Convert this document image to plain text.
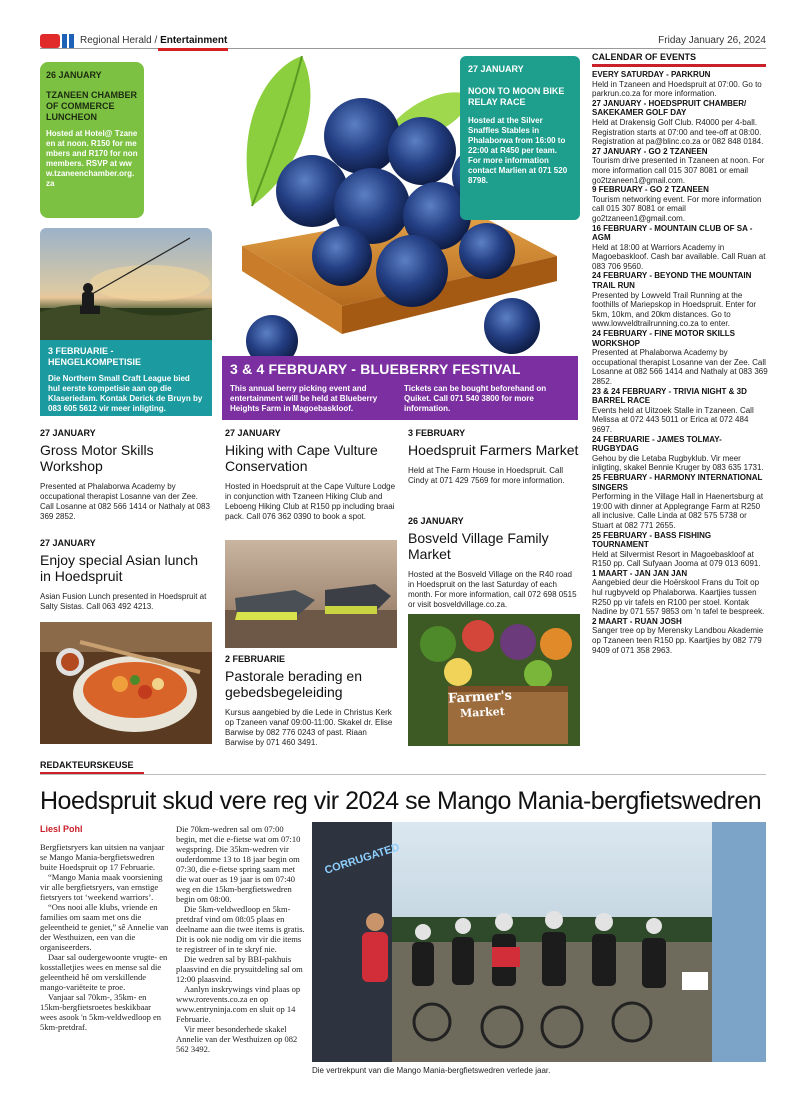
Regional Herald / Entertainment	Friday January 26, 2024
26 JANUARY
TZANEEN CHAMBER OF COMMERCE LUNCHEON
Hosted at Hotel@ Tzaneen at noon. R150 for members and R170 for nonmembers. RSVP at www.tzaneenchamber.org.za
27 JANUARY
NOON TO MOON BIKE RELAY RACE
Hosted at the Silver Snaffles Stables in Phalaborwa from 16:00 to 22:00 at R450 per team. For more information contact Marlien at 071 520 8798.
3 FEBRUARIE - HENGELKOMPETISIE
Die Northern Small Craft League bied hul eerste kompetisie aan op die Klaseriedam. Kontak Derick de Bruyn by 083 605 5612 vir meer inligting.
3 & 4 FEBRUARY - BLUEBERRY FESTIVAL
This annual berry picking event and entertainment will be held at Blueberry Heights Farm in Magoebaskloof.
Tickets can be bought beforehand on Quiket. Call 071 540 3800 for more information.
27 JANUARY
Gross Motor Skills Workshop
Presented at Phalaborwa Academy by occupational therapist Losanne van der Zee. Call Losanne at 082 566 1414 or Nathaly at 083 369 2852.
27 JANUARY
Enjoy special Asian lunch in Hoedspruit
Asian Fusion Lunch presented in Hoedspruit at Salty Sistas. Call 063 492 4213.
27 JANUARY
Hiking with Cape Vulture Conservation
Hosted in Hoedspruit at the Cape Vulture Lodge in conjunction with Tzaneen Hiking Club and Leboeng Hiking Club at R150 pp including braai pack. Call 076 362 0390 to book a spot.
2 FEBRUARIE
Pastorale berading en gebedsbegeleiding
Kursus aangebied by die Lede in Christus Kerk op Tzaneen vanaf 09:00-11:00. Skakel dr. Elise Barwise by 082 776 0243 of past. Riaan Barwise by 071 460 3491.
3 FEBRUARY
Hoedspruit Farmers Market
Held at The Farm House in Hoedspruit. Call Cindy at 071 429 7569 for more information.
26 JANUARY
Bosveld Village Family Market
Hosted at the Bosveld Village on the R40 road in Hoedspruit on the last Saturday of each month. For more information, call 072 698 0515 or visit bosveldvillage.co.za.
Farmer's
Market
CALENDAR OF EVENTS
EVERY SATURDAY - PARKRUN
Held in Tzaneen and Hoedspruit at 07:00. Go to parkrun.co.za for more information.
27 JANUARY - HOEDSPRUIT CHAMBER/ SAKEKAMER GOLF DAY
Held at Drakensig Golf Club. R4000 per 4-ball. Registration starts at 07:00 and tee-off at 08:00. Registration at pa@blinc.co.za or 082 848 0184.
27 JANUARY - GO 2 TZANEEN
Tourism drive presented in Tzaneen at noon. For more information call 015 307 8081 or email go2tzaneen1@gmail.com.
9 FEBRUARY - GO 2 TZANEEN
Tourism networking event. For more information call 015 307 8081 or email go2tzaneen1@gmail.com.
16 FEBRUARY - MOUNTAIN CLUB OF SA - AGM
Held at 18:00 at Warriors Academy in Magoebaskloof. Cash bar available. Call Ruan at 083 706 9560.
24 FEBRUARY - BEYOND THE MOUNTAIN TRAIL RUN
Presented by Lowveld Trail Running at the foothills of Mariepskop in Hoedspruit. Enter for 5km, 10km, and 20km distances. Go to www.lowveldtrailrunning.co.za to enter.
24 FEBRUARY - FINE MOTOR SKILLS WORKSHOP
Presented at Phalaborwa Academy by occupational therapist Losanne van der Zee. Call Losanne at 082 566 1414 and Nathaly at 083 369 2852.
23 & 24 FEBRUARY - TRIVIA NIGHT & 3D BARREL RACE
Events held at Uitzoek Stalle in Tzaneen. Call Melissa at 072 443 5011 or Erica at 072 484 9697.
24 FEBRUARIE - JAMES TOLMAY-RUGBYDAG
Gehou by die Letaba Rugbyklub. Vir meer inligting, skakel Bennie Kruger by 083 635 1731.
25 FEBRUARY - HARMONY INTERNATIONAL SINGERS
Performing in the Village Hall in Haenertsburg at 19:00 with dinner at Applegrange Farm at R250 all inclusive. Calle Linda at 082 575 5738 or Stuart at 082 771 2655.
25 FEBRUARY - BASS FISHING TOURNAMENT
Held at Silvermist Resort in Magoebaskloof at R150 pp. Call Sufyaan Jooma at 079 013 6091.
1 MAART - JAN JAN JAN
Aangebied deur die Hoërskool Frans du Toit op hul rugbyveld op Phalaborwa. Kaartjies tussen R250 pp vir tafels en R100 per stoel. Kontak Nadine by 071 557 9853 om 'n tafel te bespreek.
2 MAART - RUAN JOSH
Sanger tree op by Merensky Landbou Akademie op Tzaneen teen R150 pp. Kaartjies by 082 779 9409 of 071 358 2963.
REDAKTEURSKEUSE
Hoedspruit skud vere reg vir 2024 se Mango Mania-bergfietswedren
Liesl Pohl

Bergfietsryers kan uitsien na vanjaar se Mango Mania-bergfietswedren buite Hoedspruit op 17 Februarie.

“Mango Mania maak voorsiening vir alle bergfietsryers, van ernstige fietsryers tot ‘weekend warriors’.

“Ons nooi alle klubs, vriende en families om saam met ons die geleentheid te geniet,” sê Annelie van der Westhuizen, een van die organiseerders.

Daar sal oudergewoonte vrugte- en kosstalletjies wees en mense sal die geleentheid hê om verskillende mango-variëteite te proe.

Vanjaar sal 70km-, 35km- en 15km-bergfietsroetes beskikbaar wees asook 'n 5km-veldwedloop en 5km-pretdraf.

Die 70km-wedren sal om 07:00 begin, met die e-fietse wat om 07:10 wegspring. Die 35km-wedren vir ouderdomme 13 to 18 jaar begin om 07:30, die e-fietse spring saam met die wat ouer as 19 jaar is om 07:40 weg en die 15km-bergfietswedren begin om 08:00.

Die 5km-veldwedloop en 5km-pretdraf vind om 08:05 plaas en deelname aan die twee items is gratis. Dit is ook nie nodig om vir die items te registreer of in te skryf nie.

Die wedren sal by BBI-pakhuis plaasvind en die prysuitdeling sal om 12:00 plaasvind.

Aanlyn inskrywings vind plaas op www.rorevents.co.za en op www.entryninja.com en sluit op 14 Februarie.

Vir meer besonderhede skakel Annelie van der Westhuizen op 082 562 3492.

CORRUGATED
Die vertrekpunt van die Mango Mania-bergfietswedren verlede jaar.
